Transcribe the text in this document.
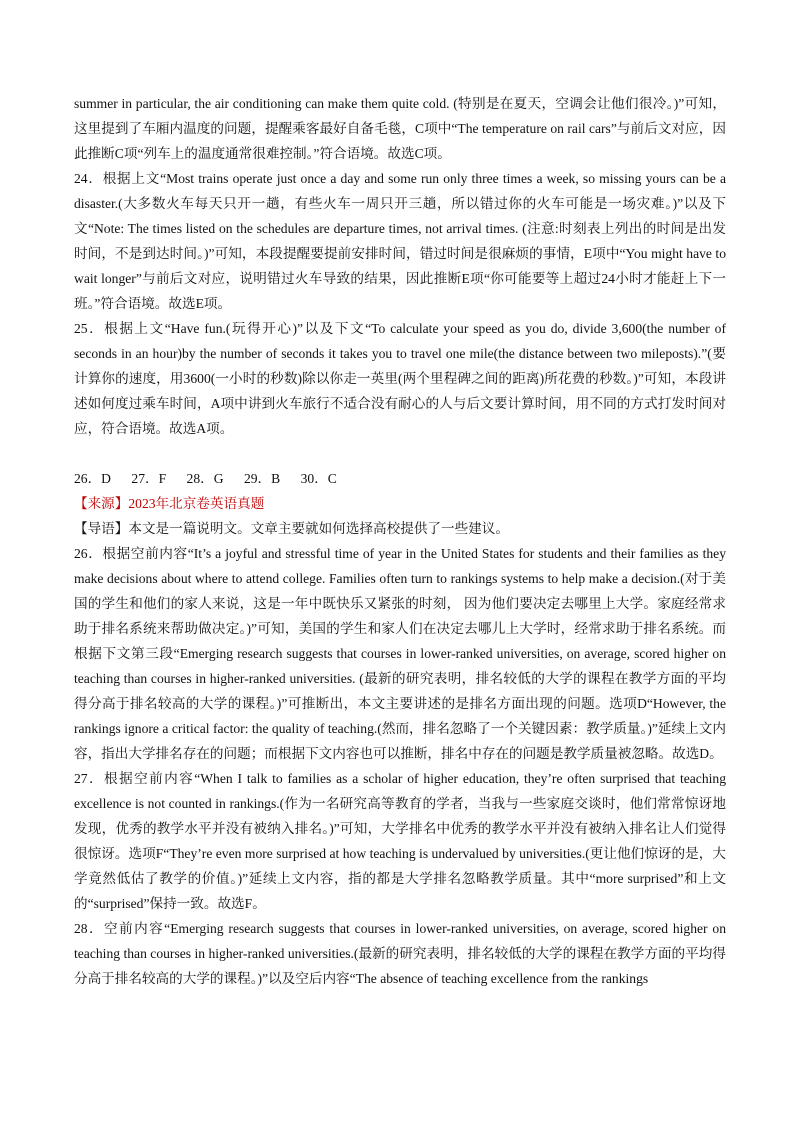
summer in particular, the air conditioning can make them quite cold. (特别是在夏天，空调会让他们很冷。)”可知，这里提到了车厢内温度的问题，提醒乘客最好自备毛毯，C项中“The temperature on rail cars”与前后文对应，因此推断C项“列车上的温度通常很难控制。”符合语境。故选C项。

24．根据上文“Most trains operate just once a day and some run only three times a week, so missing yours can be a disaster.(大多数火车每天只开一趟，有些火车一周只开三趟，所以错过你的火车可能是一场灾难。)”以及下文“Note: The times listed on the schedules are departure times, not arrival times. (注意:时刻表上列出的时间是出发时间，不是到达时间。)”可知，本段提醒要提前安排时间，错过时间是很麻烦的事情，E项中“You might have to wait longer”与前后文对应，说明错过火车导致的结果，因此推断E项“你可能要等上超过24小时才能赶上下一班。”符合语境。故选E项。

25．根据上文“Have fun.(玩得开心)”以及下文“To calculate your speed as you do, divide 3,600(the number of seconds in an hour)by the number of seconds it takes you to travel one mile(the distance between two mileposts).”(要计算你的速度，用3600(一小时的秒数)除以你走一英里(两个里程碑之间的距离)所花费的秒数。)”可知，本段讲述如何度过乘车时间，A项中讲到火车旅行不适合没有耐心的人与后文要计算时间，用不同的方式打发时间对应，符合语境。故选A项。

26．D 27．F 28．G 29．B 30．C

【来源】2023年北京卷英语真题

【导语】本文是一篇说明文。文章主要就如何选择高校提供了一些建议。

26．根据空前内容“It’s a joyful and stressful time of year in the United States for students and their families as they make decisions about where to attend college. Families often turn to rankings systems to help make a decision.(对于美国的学生和他们的家人来说，这是一年中既快乐又紧张的时刻， 因为他们要决定去哪里上大学。家庭经常求助于排名系统来帮助做决定。)”可知，美国的学生和家人们在决定去哪儿上大学时，经常求助于排名系统。而根据下文第三段“Emerging research suggests that courses in lower-ranked universities, on average, scored higher on teaching than courses in higher-ranked universities. (最新的研究表明，排名较低的大学的课程在教学方面的平均得分高于排名较高的大学的课程。)”可推断出，本文主要讲述的是排名方面出现的问题。选项D“However, the rankings ignore a critical factor: the quality of teaching.(然而，排名忽略了一个关键因素：教学质量。)”延续上文内容，指出大学排名存在的问题；而根据下文内容也可以推断，排名中存在的问题是教学质量被忽略。故选D。

27．根据空前内容“When I talk to families as a scholar of higher education, they’re often surprised that teaching excellence is not counted in rankings.(作为一名研究高等教育的学者，当我与一些家庭交谈时，他们常常惊讶地发现，优秀的教学水平并没有被纳入排名。)”可知，大学排名中优秀的教学水平并没有被纳入排名让人们觉得很惊讶。选项F“They’re even more surprised at how teaching is undervalued by universities.(更让他们惊讶的是，大学竟然低估了教学的价值。)”延续上文内容，指的都是大学排名忽略教学质量。其中“more surprised”和上文的“surprised”保持一致。故选F。

28．空前内容“Emerging research suggests that courses in lower-ranked universities, on average, scored higher on teaching than courses in higher-ranked universities.(最新的研究表明，排名较低的大学的课程在教学方面的平均得分高于排名较高的大学的课程。)”以及空后内容“The absence of teaching excellence from the rankings
